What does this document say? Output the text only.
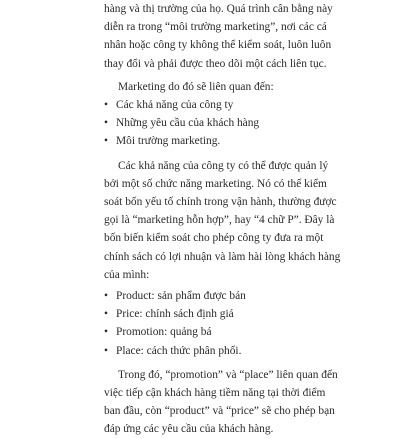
hàng và thị trường của họ. Quá trình cân bằng này
diễn ra trong “môi trường marketing”, nơi các cá
nhân hoặc công ty không thể kiểm soát, luôn luôn
thay đổi và phải được theo dõi một cách liên tục.
Marketing do đó sẽ liên quan đến:
• Các khả năng của công ty
• Những yêu cầu của khách hàng
• Môi trường marketing.
Các khả năng của công ty có thể được quản lý
bởi một số chức năng marketing. Nó có thể kiểm
soát bốn yếu tố chính trong vận hành, thường được
gọi là “marketing hỗn hợp”, hay “4 chữ P”. Đây là
bốn biến kiểm soát cho phép công ty đưa ra một
chính sách có lợi nhuận và làm hài lòng khách hàng
của mình:
• Product: sản phẩm được bán
• Price: chính sách định giá
• Promotion: quảng bá
• Place: cách thức phân phối.
Trong đó, “promotion” và “place” liên quan đến
việc tiếp cận khách hàng tiềm năng tại thời điểm
ban đầu, còn “product” và “price” sẽ cho phép bạn
đáp ứng các yêu cầu của khách hàng.
